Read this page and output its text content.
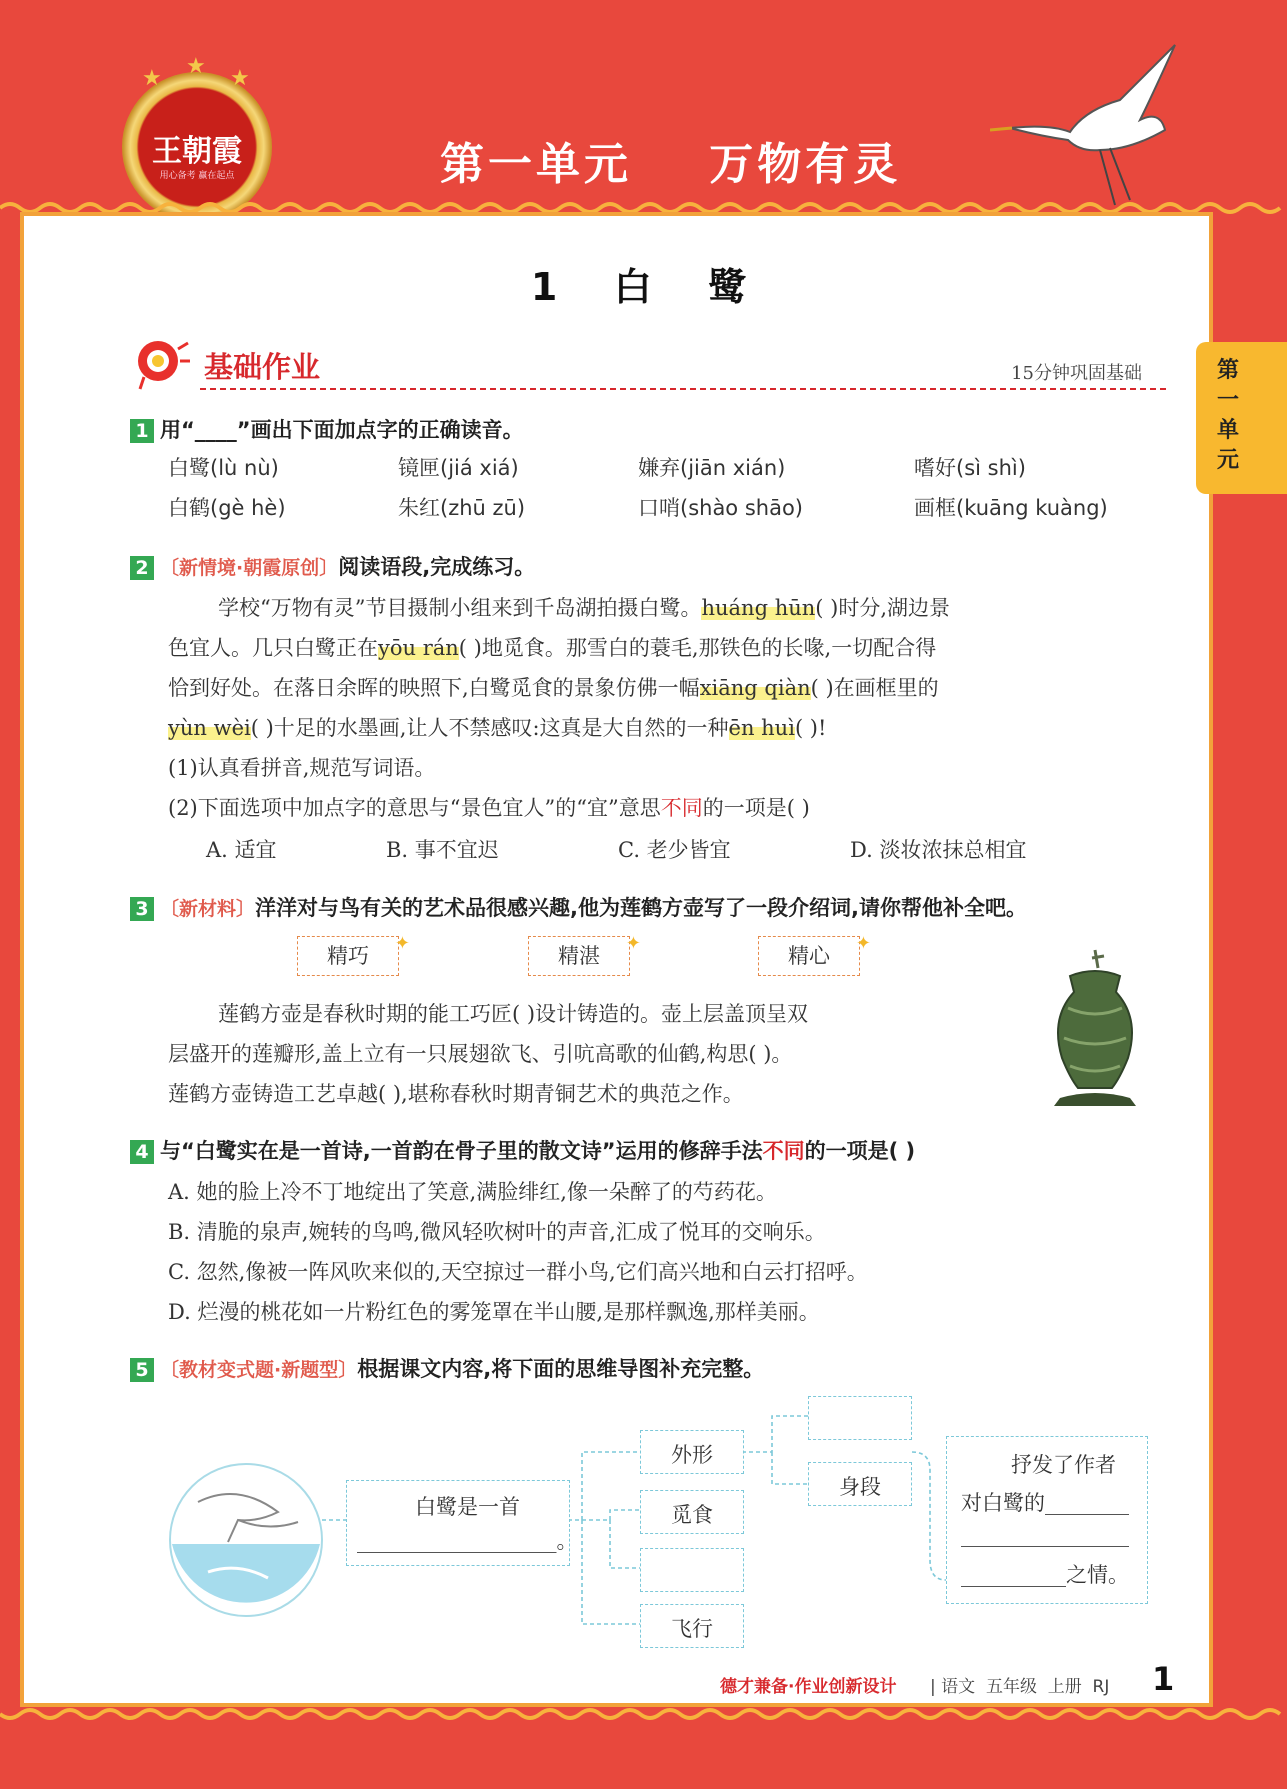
★ ★ ★
王朝霞
用心备考 赢在起点	第一单元    万物有灵
第一单元
1  白  鹭
基础作业	15分钟巩固基础
1 用“____”画出下面加点字的正确读音。
白鹭(lù nù)	镜匣(jiá xiá)	嫌弃(jiān xián)	嗜好(sì shì)
白鹤(gè hè)	朱红(zhū zū)	口哨(shào shāo)	画框(kuāng kuàng)
2 〔新情境·朝霞原创〕阅读语段,完成练习。
学校“万物有灵”节目摄制小组来到千岛湖拍摄白鹭。huáng hūn( )时分,湖边景
色宜人。几只白鹭正在yōu rán( )地觅食。那雪白的蓑毛,那铁色的长喙,一切配合得
恰到好处。在落日余晖的映照下,白鹭觅食的景象仿佛一幅xiāng qiàn( )在画框里的
yùn wèi( )十足的水墨画,让人不禁感叹:这真是大自然的一种ēn huì( )!
(1)认真看拼音,规范写词语。
(2)下面选项中加点字的意思与“景色宜人”的“宜”意思不同的一项是( )
A. 适宜	B. 事不宜迟	C. 老少皆宜	D. 淡妆浓抹总相宜
3 〔新材料〕洋洋对与鸟有关的艺术品很感兴趣,他为莲鹤方壶写了一段介绍词,请你帮他补全吧。
精巧
✦
精湛
✦
精心
✦
莲鹤方壶是春秋时期的能工巧匠( )设计铸造的。壶上层盖顶呈双
层盛开的莲瓣形,盖上立有一只展翅欲飞、引吭高歌的仙鹤,构思( )。
莲鹤方壶铸造工艺卓越( ),堪称春秋时期青铜艺术的典范之作。
4 与“白鹭实在是一首诗,一首韵在骨子里的散文诗”运用的修辞手法不同的一项是( )
A. 她的脸上冷不丁地绽出了笑意,满脸绯红,像一朵醉了的芍药花。
B. 清脆的泉声,婉转的鸟鸣,微风轻吹树叶的声音,汇成了悦耳的交响乐。
C. 忽然,像被一阵风吹来似的,天空掠过一群小鸟,它们高兴地和白云打招呼。
D. 烂漫的桃花如一片粉红色的雾笼罩在半山腰,是那样飘逸,那样美丽。
5 〔教材变式题·新题型〕根据课文内容,将下面的思维导图补充完整。
白鹭是一首
___________________。
外形
觅食
飞行
身段
抒发了作者
对白鹭的________
________________
__________之情。
德才兼备·作业创新设计 | 语文  五年级  上册  RJ 1
